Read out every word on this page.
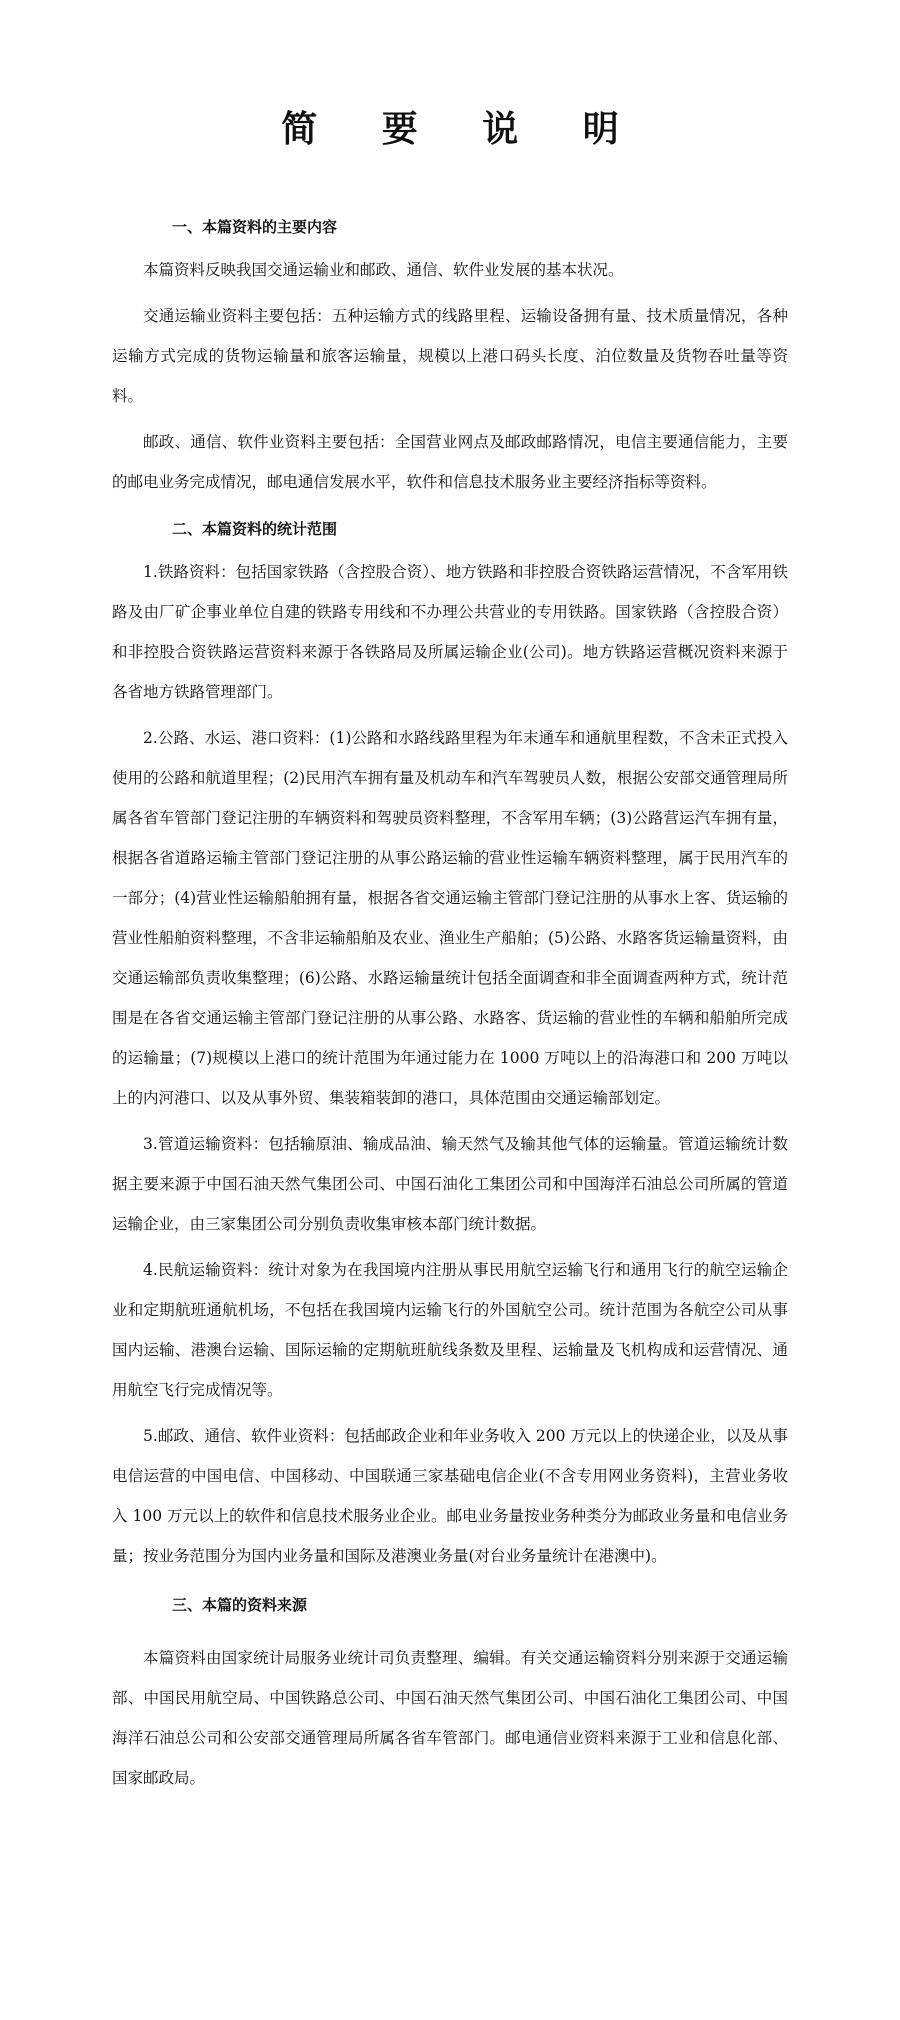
简 要 说 明
一、本篇资料的主要内容

本篇资料反映我国交通运输业和邮政、通信、软件业发展的基本状况。

交通运输业资料主要包括：五种运输方式的线路里程、运输设备拥有量、技术质量情况，各种运输方式完成的货物运输量和旅客运输量，规模以上港口码头长度、泊位数量及货物吞吐量等资料。

邮政、通信、软件业资料主要包括：全国营业网点及邮政邮路情况，电信主要通信能力，主要的邮电业务完成情况，邮电通信发展水平，软件和信息技术服务业主要经济指标等资料。

二、本篇资料的统计范围

1.铁路资料：包括国家铁路（含控股合资）、地方铁路和非控股合资铁路运营情况，不含军用铁路及由厂矿企事业单位自建的铁路专用线和不办理公共营业的专用铁路。国家铁路（含控股合资）和非控股合资铁路运营资料来源于各铁路局及所属运输企业(公司)。地方铁路运营概况资料来源于各省地方铁路管理部门。

2.公路、水运、港口资料：(1)公路和水路线路里程为年末通车和通航里程数，不含未正式投入使用的公路和航道里程；(2)民用汽车拥有量及机动车和汽车驾驶员人数，根据公安部交通管理局所属各省车管部门登记注册的车辆资料和驾驶员资料整理，不含军用车辆；(3)公路营运汽车拥有量，根据各省道路运输主管部门登记注册的从事公路运输的营业性运输车辆资料整理，属于民用汽车的一部分；(4)营业性运输船舶拥有量，根据各省交通运输主管部门登记注册的从事水上客、货运输的营业性船舶资料整理，不含非运输船舶及农业、渔业生产船舶；(5)公路、水路客货运输量资料，由交通运输部负责收集整理；(6)公路、水路运输量统计包括全面调查和非全面调查两种方式，统计范围是在各省交通运输主管部门登记注册的从事公路、水路客、货运输的营业性的车辆和船舶所完成的运输量；(7)规模以上港口的统计范围为年通过能力在 1000 万吨以上的沿海港口和 200 万吨以上的内河港口、以及从事外贸、集装箱装卸的港口，具体范围由交通运输部划定。

3.管道运输资料：包括输原油、输成品油、输天然气及输其他气体的运输量。管道运输统计数据主要来源于中国石油天然气集团公司、中国石油化工集团公司和中国海洋石油总公司所属的管道运输企业，由三家集团公司分别负责收集审核本部门统计数据。

4.民航运输资料：统计对象为在我国境内注册从事民用航空运输飞行和通用飞行的航空运输企业和定期航班通航机场，不包括在我国境内运输飞行的外国航空公司。统计范围为各航空公司从事国内运输、港澳台运输、国际运输的定期航班航线条数及里程、运输量及飞机构成和运营情况、通用航空飞行完成情况等。

5.邮政、通信、软件业资料：包括邮政企业和年业务收入 200 万元以上的快递企业，以及从事电信运营的中国电信、中国移动、中国联通三家基础电信企业(不含专用网业务资料)，主营业务收入 100 万元以上的软件和信息技术服务业企业。邮电业务量按业务种类分为邮政业务量和电信业务量；按业务范围分为国内业务量和国际及港澳业务量(对台业务量统计在港澳中)。

三、本篇的资料来源

本篇资料由国家统计局服务业统计司负责整理、编辑。有关交通运输资料分别来源于交通运输部、中国民用航空局、中国铁路总公司、中国石油天然气集团公司、中国石油化工集团公司、中国海洋石油总公司和公安部交通管理局所属各省车管部门。邮电通信业资料来源于工业和信息化部、国家邮政局。
